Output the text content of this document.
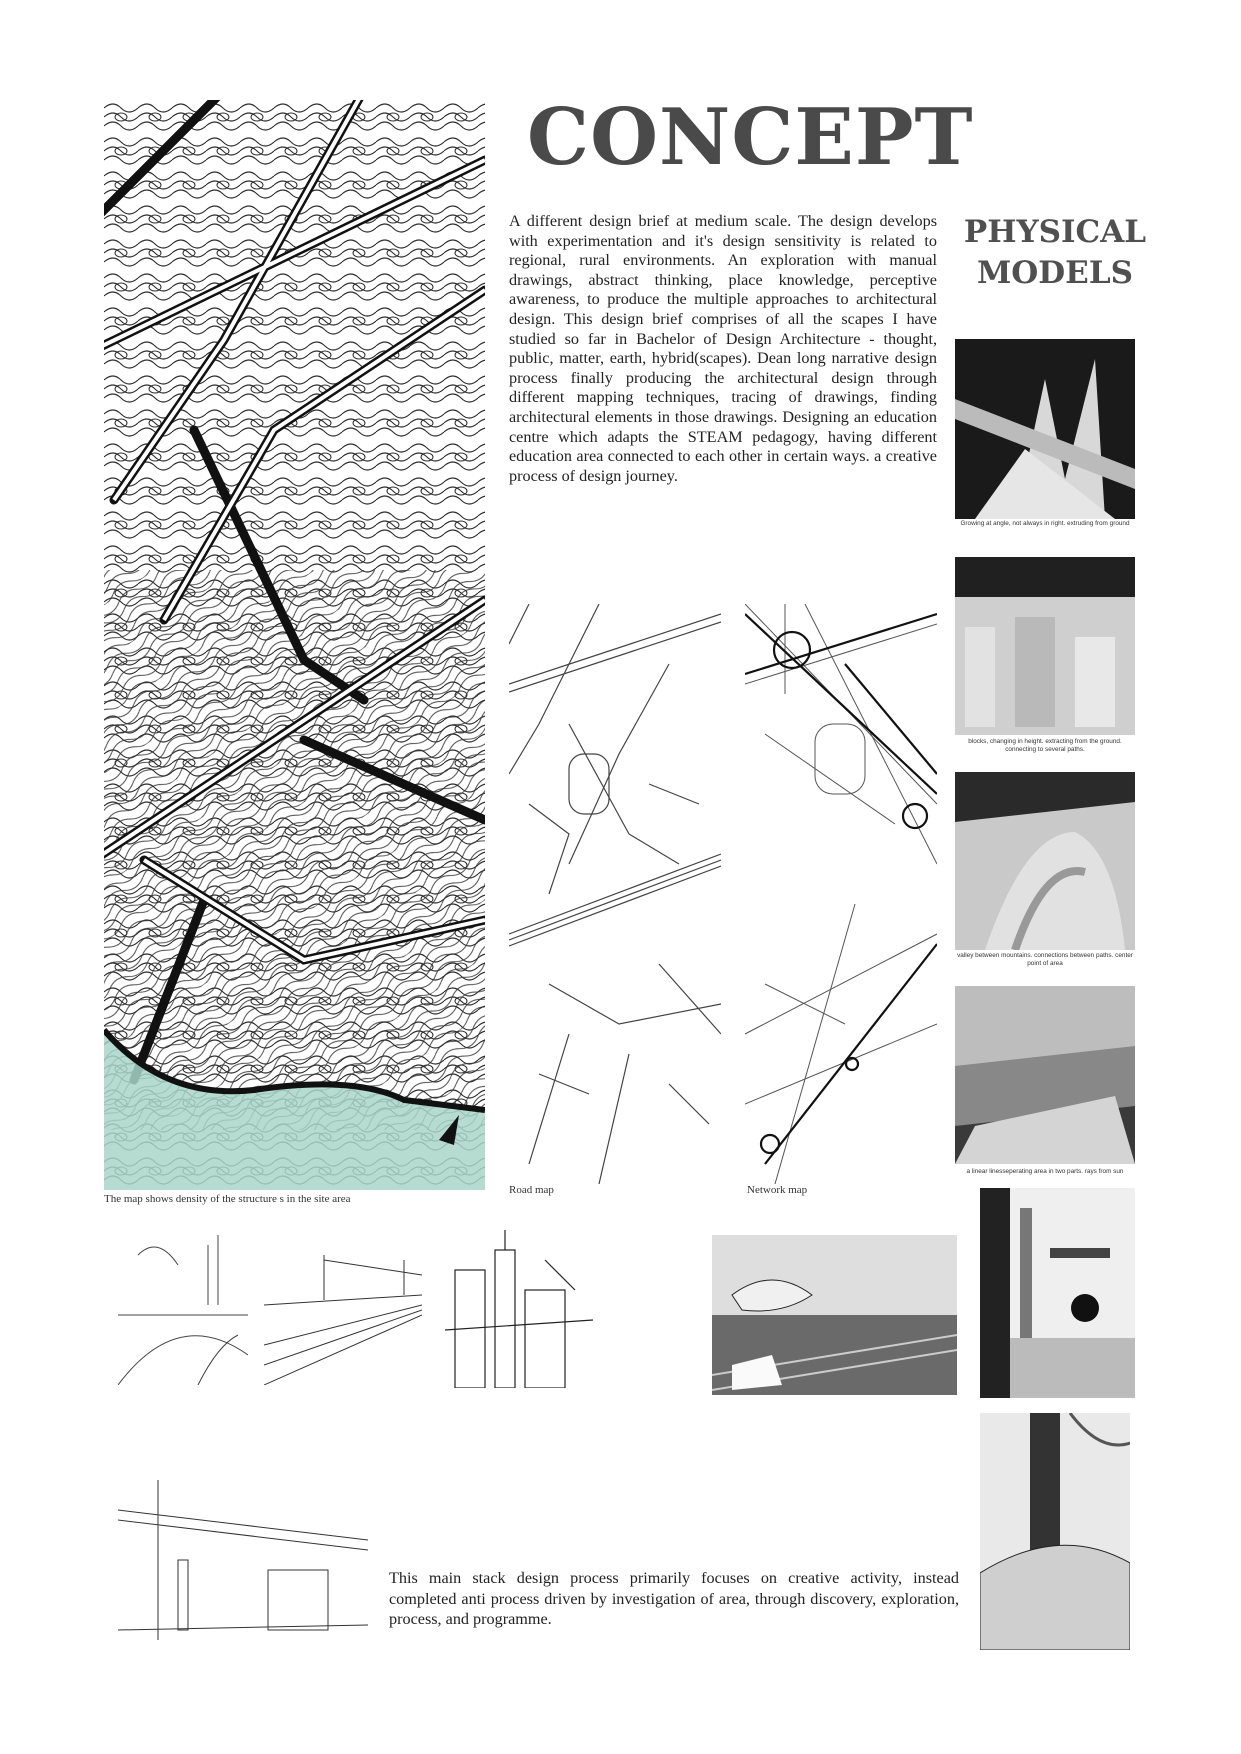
CONCEPT
PHYSICAL
MODELS
A different design brief at medium scale. The design develops with experimentation and it's design sensitivity is related to regional, rural environments. An exploration with manual drawings, abstract thinking, place knowledge, perceptive awareness, to produce the multiple approaches to architectural design. This design brief comprises of all the scapes I have studied so far in Bachelor of Design Architecture - thought, public, matter, earth, hybrid(scapes). Dean long narrative design process finally producing the architectural design through different mapping techniques, tracing of drawings, finding architectural elements in those drawings. Designing an education centre which adapts the STEAM pedagogy, having different education area connected to each other in certain ways. a creative process of design journey.
The map shows density of the structure s in the site area
Road map	Network map
Growing at angle, not always in right. extruding from ground
blocks, changing in height. extracting from the ground. connecting to several paths.
valley between mountains. connections between paths. center point of area
a linear linesseperating area in two parts. rays from sun
This main stack design process primarily focuses on creative activity, instead completed anti process driven by investigation of area, through discovery, exploration, process, and programme.
